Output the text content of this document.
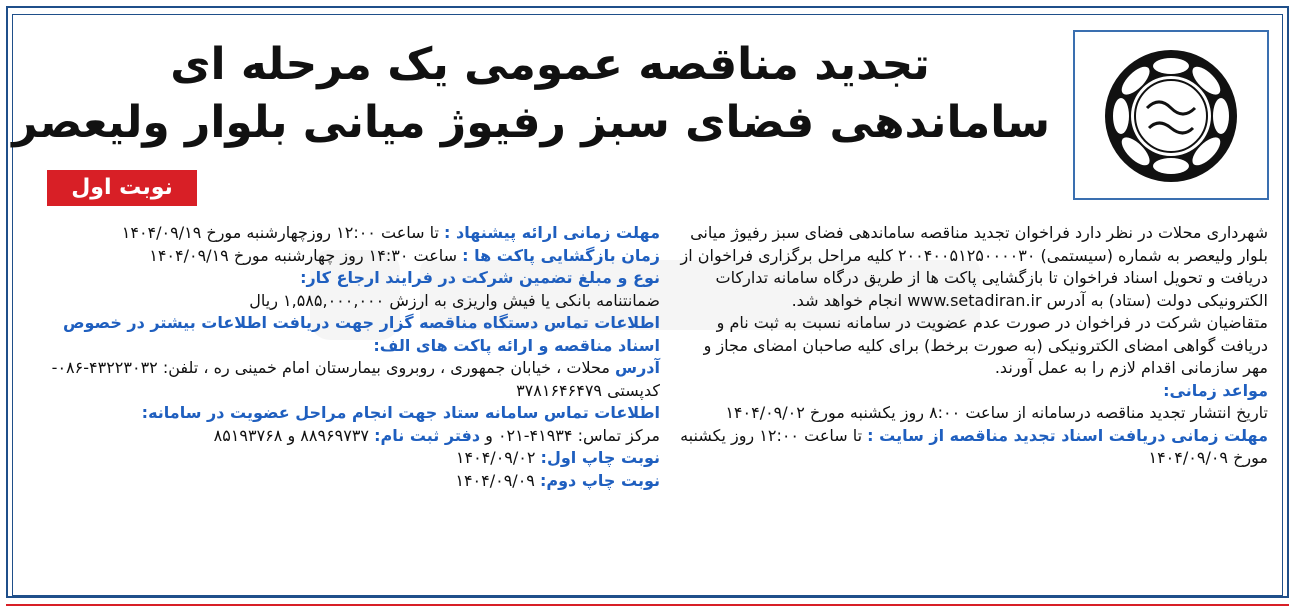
تجدید مناقصه عمومی یک مرحله ای
ساماندهی فضای سبز رفیوژ میانی بلوار ولیعصر
نوبت اول

شهرداری محلات در نظر دارد فراخوان تجدید مناقصه ساماندهی فضای سبز رفیوژ میانی بلوار ولیعصر به شماره (سیستمی) ۲۰۰۴۰۰۵۱۲۵۰۰۰۰۳۰ کلیه مراحل برگزاری فراخوان از دریافت و تحویل اسناد فراخوان تا بازگشایی پاکت ها از طریق درگاه سامانه تدارکات الکترونیکی دولت (ستاد) به آدرس www.setadiran.ir انجام خواهد شد.

متقاضیان شرکت در فراخوان در صورت عدم عضویت در سامانه نسبت به ثبت نام و دریافت گواهی امضای الکترونیکی (به صورت برخط) برای کلیه صاحبان امضای مجاز و مهر سازمانی اقدام لازم را به عمل آورند.

مواعد زمانی:

تاریخ انتشار تجدید مناقصه درسامانه از ساعت ۸:۰۰ روز یکشنبه مورخ ۱۴۰۴/۰۹/۰۲

مهلت زمانی دریافت اسناد تجدید مناقصه از سایت : تا ساعت ۱۲:۰۰ روز یکشنبه مورخ ۱۴۰۴/۰۹/۰۹

مهلت زمانی ارائه پیشنهاد : تا ساعت ۱۲:۰۰ روزچهارشنبه مورخ ۱۴۰۴/۰۹/۱۹

زمان بازگشایی پاکت ها : ساعت ۱۴:۳۰ روز چهارشنبه مورخ ۱۴۰۴/۰۹/۱۹

نوع و مبلغ تضمین شرکت در فرایند ارجاع کار:

ضمانتنامه بانکی یا فیش واریزی به ارزش ۱,۵۸۵,۰۰۰,۰۰۰ ریال

اطلاعات تماس دستگاه مناقصه گزار جهت دریافت اطلاعات بیشتر در خصوص اسناد مناقصه و ارائه پاکت های الف:

آدرس محلات ، خیابان جمهوری ، روبروی بیمارستان امام خمینی ره ، تلفن: ۴۳۲۲۳۰۳۲-۰۸۶- کدپستی ۳۷۸۱۶۴۶۴۷۹

اطلاعات تماس سامانه ستاد جهت انجام مراحل عضویت در سامانه:

مرکز تماس: ۴۱۹۳۴-۰۲۱ و دفتر ثبت نام: ۸۸۹۶۹۷۳۷ و ۸۵۱۹۳۷۶۸

نوبت چاپ اول: ۱۴۰۴/۰۹/۰۲

نوبت چاپ دوم: ۱۴۰۴/۰۹/۰۹
